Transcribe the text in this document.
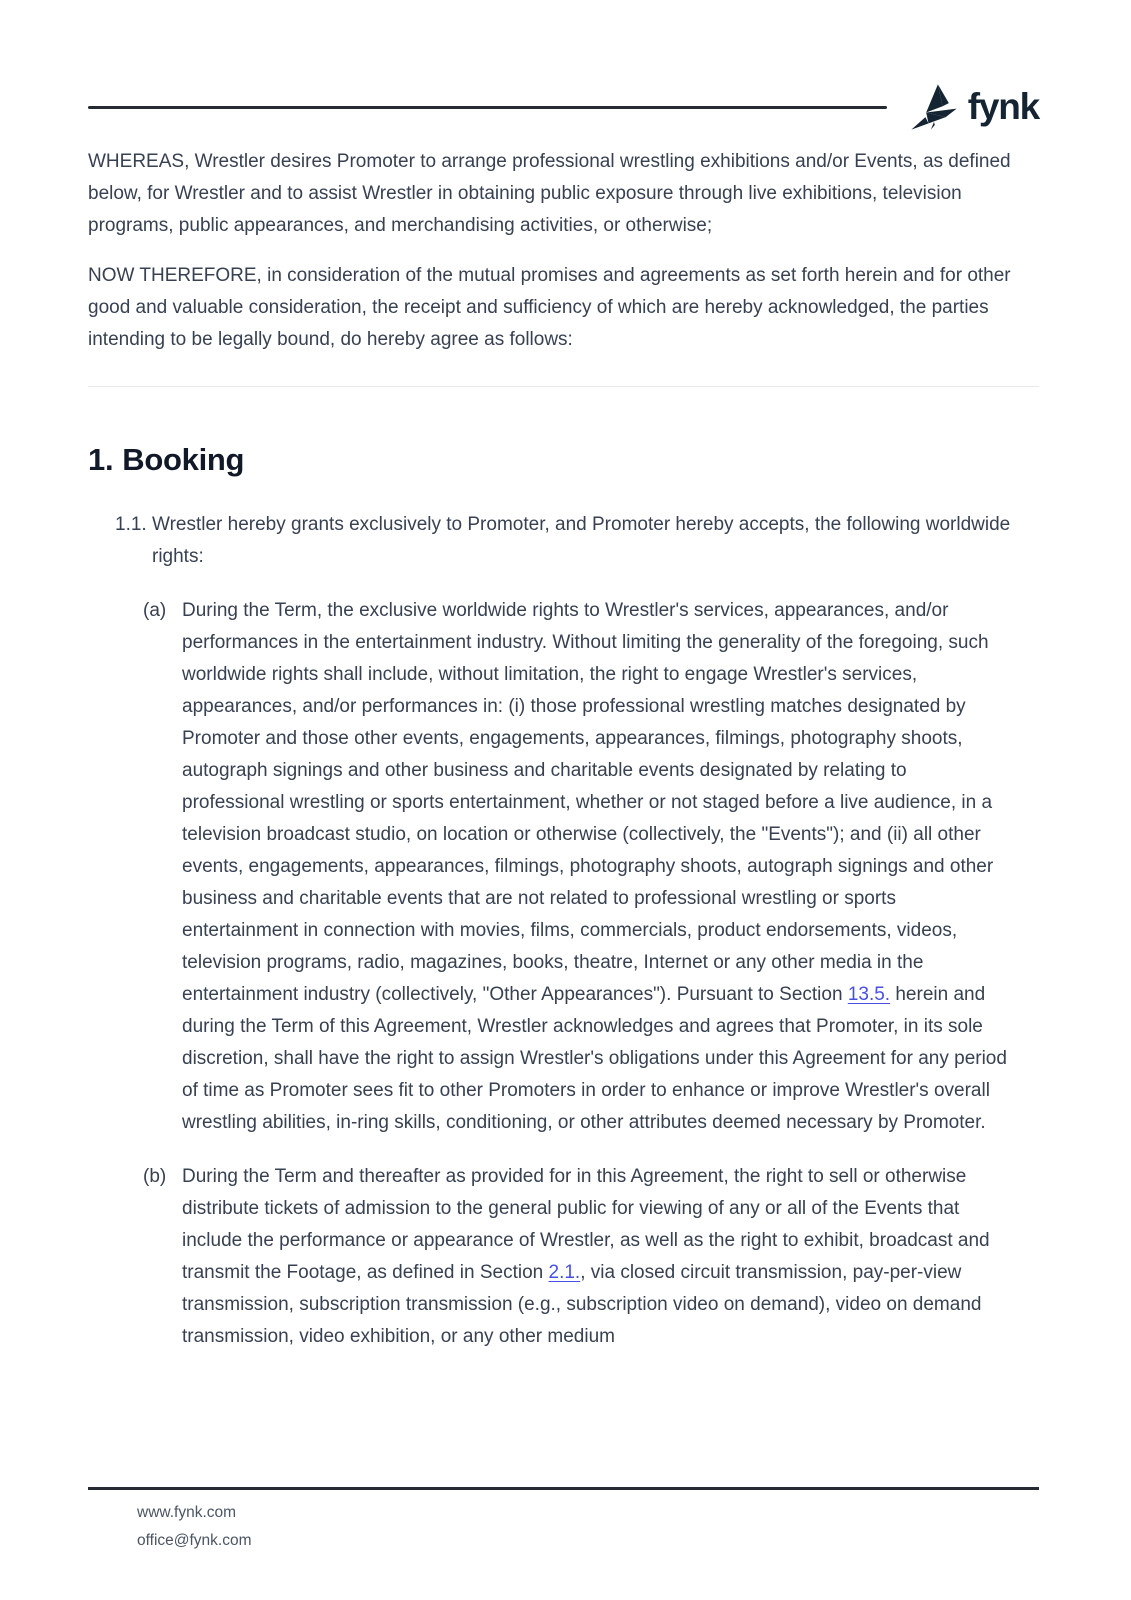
fynk

WHEREAS, Wrestler desires Promoter to arrange professional wrestling exhibitions and/or Events, as defined below, for Wrestler and to assist Wrestler in obtaining public exposure through live exhibitions, television programs, public appearances, and merchandising activities, or otherwise;

NOW THEREFORE, in consideration of the mutual promises and agreements as set forth herein and for other good and valuable consideration, the receipt and sufficiency of which are hereby acknowledged, the parties intending to be legally bound, do hereby agree as follows:

1. Booking
1.1. Wrestler hereby grants exclusively to Promoter, and Promoter hereby accepts, the following worldwide rights:
(a) During the Term, the exclusive worldwide rights to Wrestler's services, appearances, and/or performances in the entertainment industry. Without limiting the generality of the foregoing, such worldwide rights shall include, without limitation, the right to engage Wrestler's services, appearances, and/or performances in: (i) those professional wrestling matches designated by Promoter and those other events, engagements, appearances, filmings, photography shoots, autograph signings and other business and charitable events designated by relating to professional wrestling or sports entertainment, whether or not staged before a live audience, in a television broadcast studio, on location or otherwise (collectively, the "Events"); and (ii) all other events, engagements, appearances, filmings, photography shoots, autograph signings and other business and charitable events that are not related to professional wrestling or sports entertainment in connection with movies, films, commercials, product endorsements, videos, television programs, radio, magazines, books, theatre, Internet or any other media in the entertainment industry (collectively, "Other Appearances"). Pursuant to Section 13.5. herein and during the Term of this Agreement, Wrestler acknowledges and agrees that Promoter, in its sole discretion, shall have the right to assign Wrestler's obligations under this Agreement for any period of time as Promoter sees fit to other Promoters in order to enhance or improve Wrestler's overall wrestling abilities, in-ring skills, conditioning, or other attributes deemed necessary by Promoter.
(b) During the Term and thereafter as provided for in this Agreement, the right to sell or otherwise distribute tickets of admission to the general public for viewing of any or all of the Events that include the performance or appearance of Wrestler, as well as the right to exhibit, broadcast and transmit the Footage, as defined in Section 2.1., via closed circuit transmission, pay-per-view transmission, subscription transmission (e.g., subscription video on demand), video on demand transmission, video exhibition, or any other medium
www.fynk.com
office@fynk.com
